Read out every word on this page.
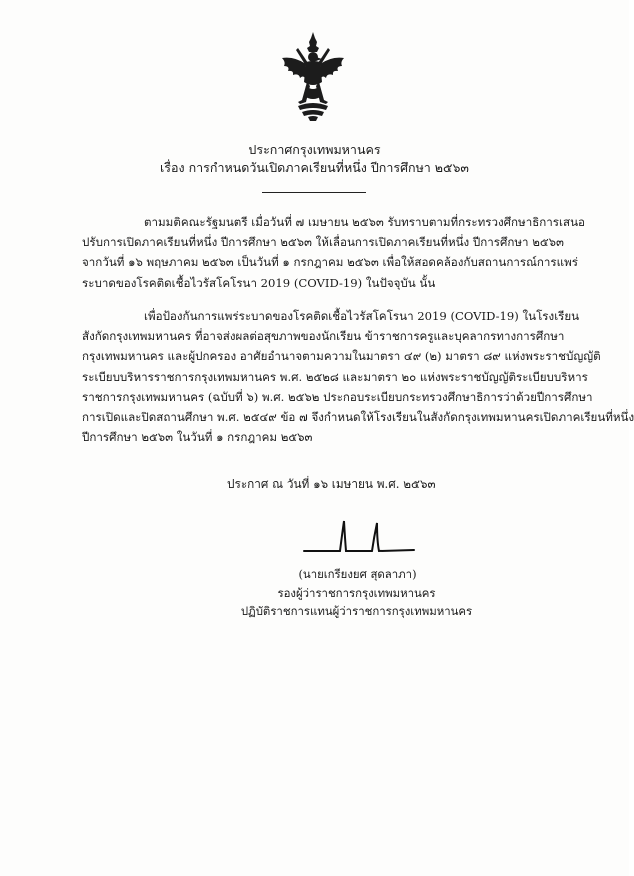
ประกาศกรุงเทพมหานคร
เรื่อง การกำหนดวันเปิดภาคเรียนที่หนึ่ง ปีการศึกษา ๒๕๖๓
ตามมติคณะรัฐมนตรี เมื่อวันที่ ๗ เมษายน ๒๕๖๓ รับทราบตามที่กระทรวงศึกษาธิการเสนอ
ปรับการเปิดภาคเรียนที่หนึ่ง ปีการศึกษา ๒๕๖๓ ให้เลื่อนการเปิดภาคเรียนที่หนึ่ง ปีการศึกษา ๒๕๖๓
จากวันที่ ๑๖ พฤษภาคม ๒๕๖๓ เป็นวันที่ ๑ กรกฎาคม ๒๕๖๓ เพื่อให้สอดคล้องกับสถานการณ์การแพร่
ระบาดของโรคติดเชื้อไวรัสโคโรนา 2019 (COVID-19) ในปัจจุบัน นั้น
เพื่อป้องกันการแพร่ระบาดของโรคติดเชื้อไวรัสโคโรนา 2019 (COVID-19) ในโรงเรียน
สังกัดกรุงเทพมหานคร ที่อาจส่งผลต่อสุขภาพของนักเรียน ข้าราชการครูและบุคลากรทางการศึกษา
กรุงเทพมหานคร และผู้ปกครอง อาศัยอำนาจตามความในมาตรา ๔๙ (๒) มาตรา ๘๙ แห่งพระราชบัญญัติ
ระเบียบบริหารราชการกรุงเทพมหานคร พ.ศ. ๒๕๒๘ และมาตรา ๒๐ แห่งพระราชบัญญัติระเบียบบริหาร
ราชการกรุงเทพมหานคร (ฉบับที่ ๖) พ.ศ. ๒๕๖๒ ประกอบระเบียบกระทรวงศึกษาธิการว่าด้วยปีการศึกษา
การเปิดและปิดสถานศึกษา พ.ศ. ๒๕๔๙ ข้อ ๗ จึงกำหนดให้โรงเรียนในสังกัดกรุงเทพมหานครเปิดภาคเรียนที่หนึ่ง
ปีการศึกษา ๒๕๖๓ ในวันที่ ๑ กรกฎาคม ๒๕๖๓
ประกาศ ณ วันที่ ๑๖ เมษายน พ.ศ. ๒๕๖๓
(นายเกรียงยศ สุดลาภา)
รองผู้ว่าราชการกรุงเทพมหานคร
ปฏิบัติราชการแทนผู้ว่าราชการกรุงเทพมหานคร
